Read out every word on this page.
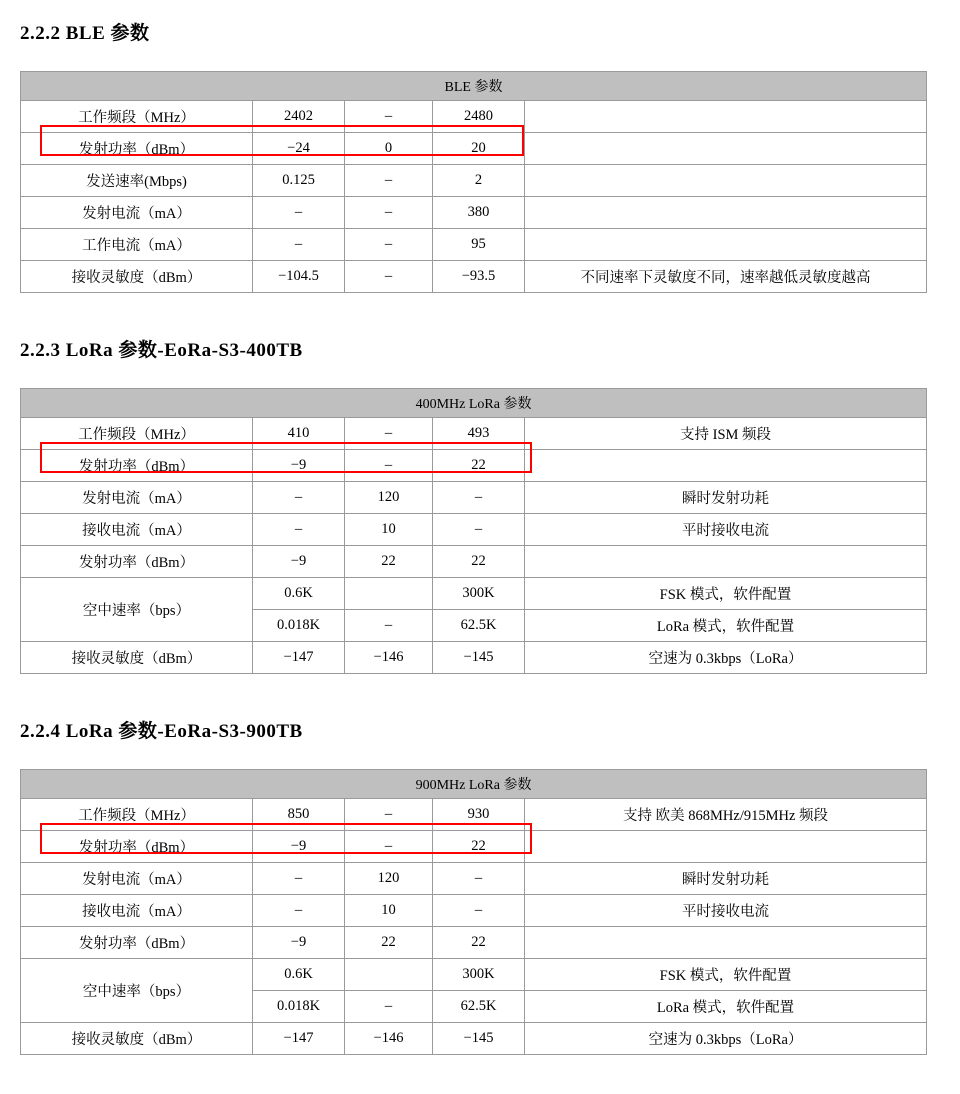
2.2.2 BLE 参数
BLE 参数				
工作频段（MHz）	2402	–	2480	
发射功率（dBm）	−24	0	20	
发送速率(Mbps)	0.125	–	2	
发射电流（mA）	–	–	380	
工作电流（mA）	–	–	95	
接收灵敏度（dBm）	−104.5	–	−93.5	不同速率下灵敏度不同，速率越低灵敏度越高
2.2.3 LoRa 参数-EoRa-S3-400TB
400MHz LoRa 参数				
工作频段（MHz）	410	–	493	支持 ISM 频段
发射功率（dBm）	−9	–	22	
发射电流（mA）	–	120	–	瞬时发射功耗
接收电流（mA）	–	10	–	平时接收电流
发射功率（dBm）	−9	22	22	
空中速率（bps）	0.6K		300K	FSK 模式，软件配置
	0.018K	–	62.5K	LoRa 模式，软件配置
接收灵敏度（dBm）	−147	−146	−145	空速为 0.3kbps（LoRa）
2.2.4 LoRa 参数-EoRa-S3-900TB
900MHz LoRa 参数				
工作频段（MHz）	850	–	930	支持 欧美 868MHz/915MHz 频段
发射功率（dBm）	−9	–	22	
发射电流（mA）	–	120	–	瞬时发射功耗
接收电流（mA）	–	10	–	平时接收电流
发射功率（dBm）	−9	22	22	
空中速率（bps）	0.6K		300K	FSK 模式，软件配置
	0.018K	–	62.5K	LoRa 模式，软件配置
接收灵敏度（dBm）	−147	−146	−145	空速为 0.3kbps（LoRa）
